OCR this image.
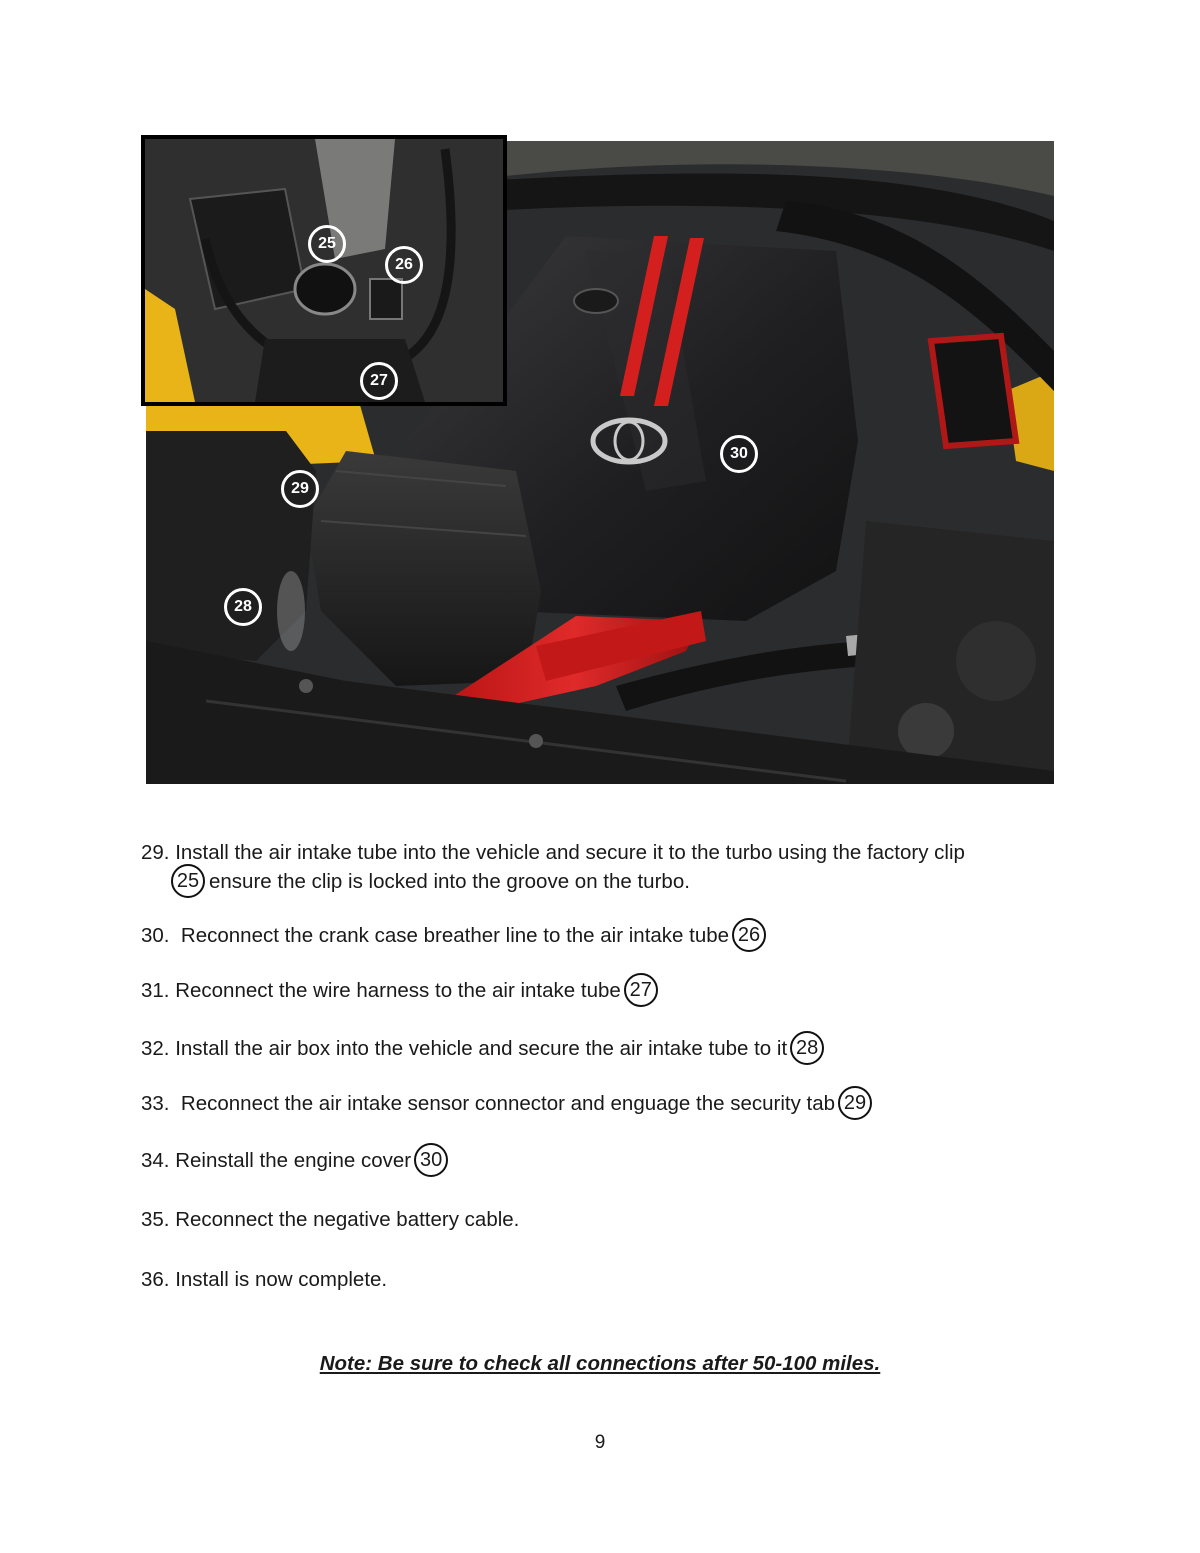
25
26
27
28
29
30
29. Install the air intake tube into the vehicle and secure it to the turbo using the factory clip
25 ensure the clip is locked into the groove on the turbo.
30. Reconnect the crank case breather line to the air intake tube 26
31. Reconnect the wire harness to the air intake tube 27
32. Install the air box into the vehicle and secure the air intake tube to it 28
33. Reconnect the air intake sensor connector and enguage the security tab 29
34. Reinstall the engine cover 30
35. Reconnect the negative battery cable.
36. Install is now complete.
Note: Be sure to check all connections after 50-100 miles.
9
